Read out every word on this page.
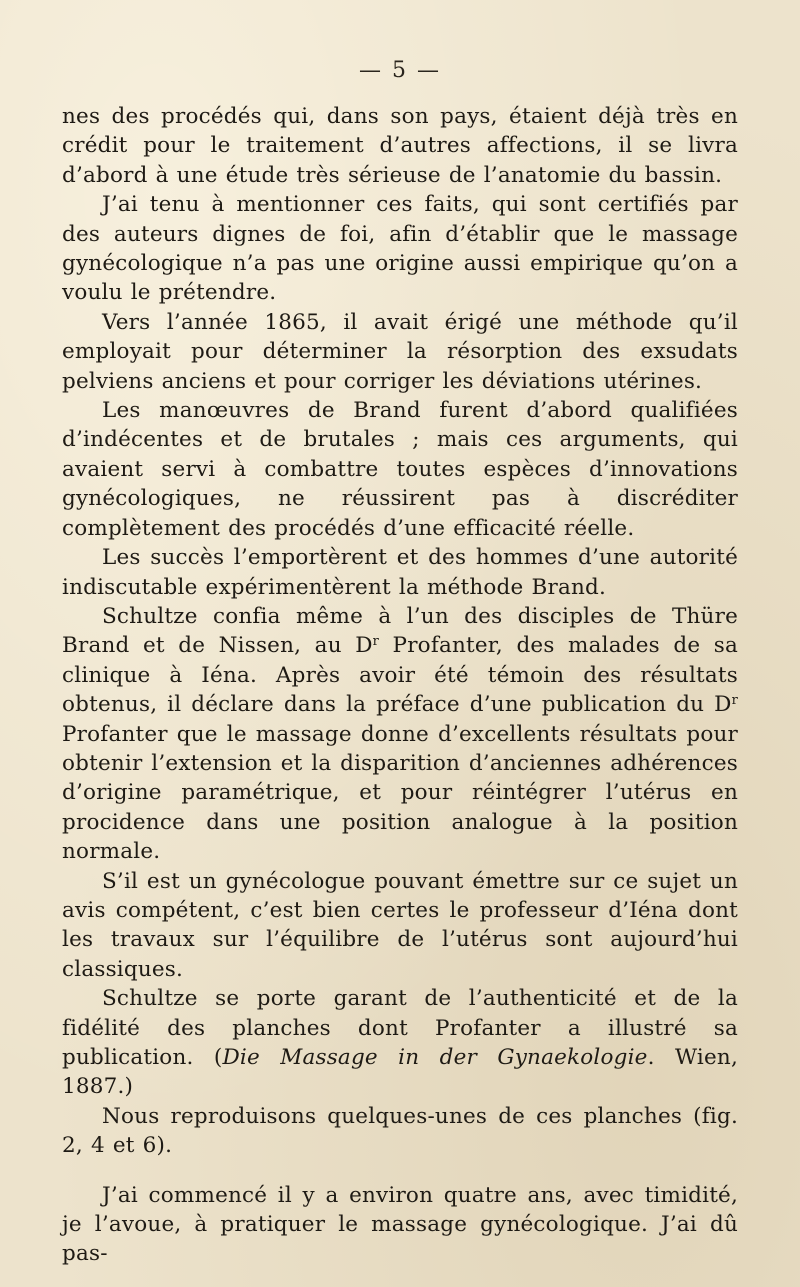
— 5 —

nes des procédés qui, dans son pays, étaient déjà très en crédit pour le traitement d’autres affections, il se livra d’abord à une étude très sérieuse de l’anatomie du bassin.

J’ai tenu à mentionner ces faits, qui sont certifiés par des auteurs dignes de foi, afin d’établir que le massage gynécologique n’a pas une origine aussi empirique qu’on a voulu le prétendre.

Vers l’année 1865, il avait érigé une méthode qu’il employait pour déterminer la résorption des exsudats pelviens anciens et pour corriger les déviations utérines.

Les manœuvres de Brand furent d’abord qualifiées d’indécentes et de brutales ; mais ces arguments, qui avaient servi à combattre toutes espèces d’innovations gynécologiques, ne réussirent pas à discréditer complètement des procédés d’une efficacité réelle.

Les succès l’emportèrent et des hommes d’une autorité indiscutable expérimentèrent la méthode Brand.

Schultze confia même à l’un des disciples de Thüre Brand et de Nissen, au $D^r$ Profanter, des malades de sa clinique à Iéna. Après avoir été témoin des résultats obtenus, il déclare dans la préface d’une publication du $D^r$ Profanter que le massage donne d’excellents résultats pour obtenir l’extension et la disparition d’anciennes adhérences d’origine paramétrique, et pour réintégrer l’utérus en procidence dans une position analogue à la position normale.

S’il est un gynécologue pouvant émettre sur ce sujet un avis compétent, c’est bien certes le professeur d’Iéna dont les travaux sur l’équilibre de l’utérus sont aujourd’hui classiques.

Schultze se porte garant de l’authenticité et de la fidélité des planches dont Profanter a illustré sa publication. (Die Massage in der Gynaekologie. Wien, 1887.)

Nous reproduisons quelques-unes de ces planches (fig. 2, 4 et 6).

J’ai commencé il y a environ quatre ans, avec timidité, je l’avoue, à pratiquer le massage gynécologique. J’ai dû pas-
